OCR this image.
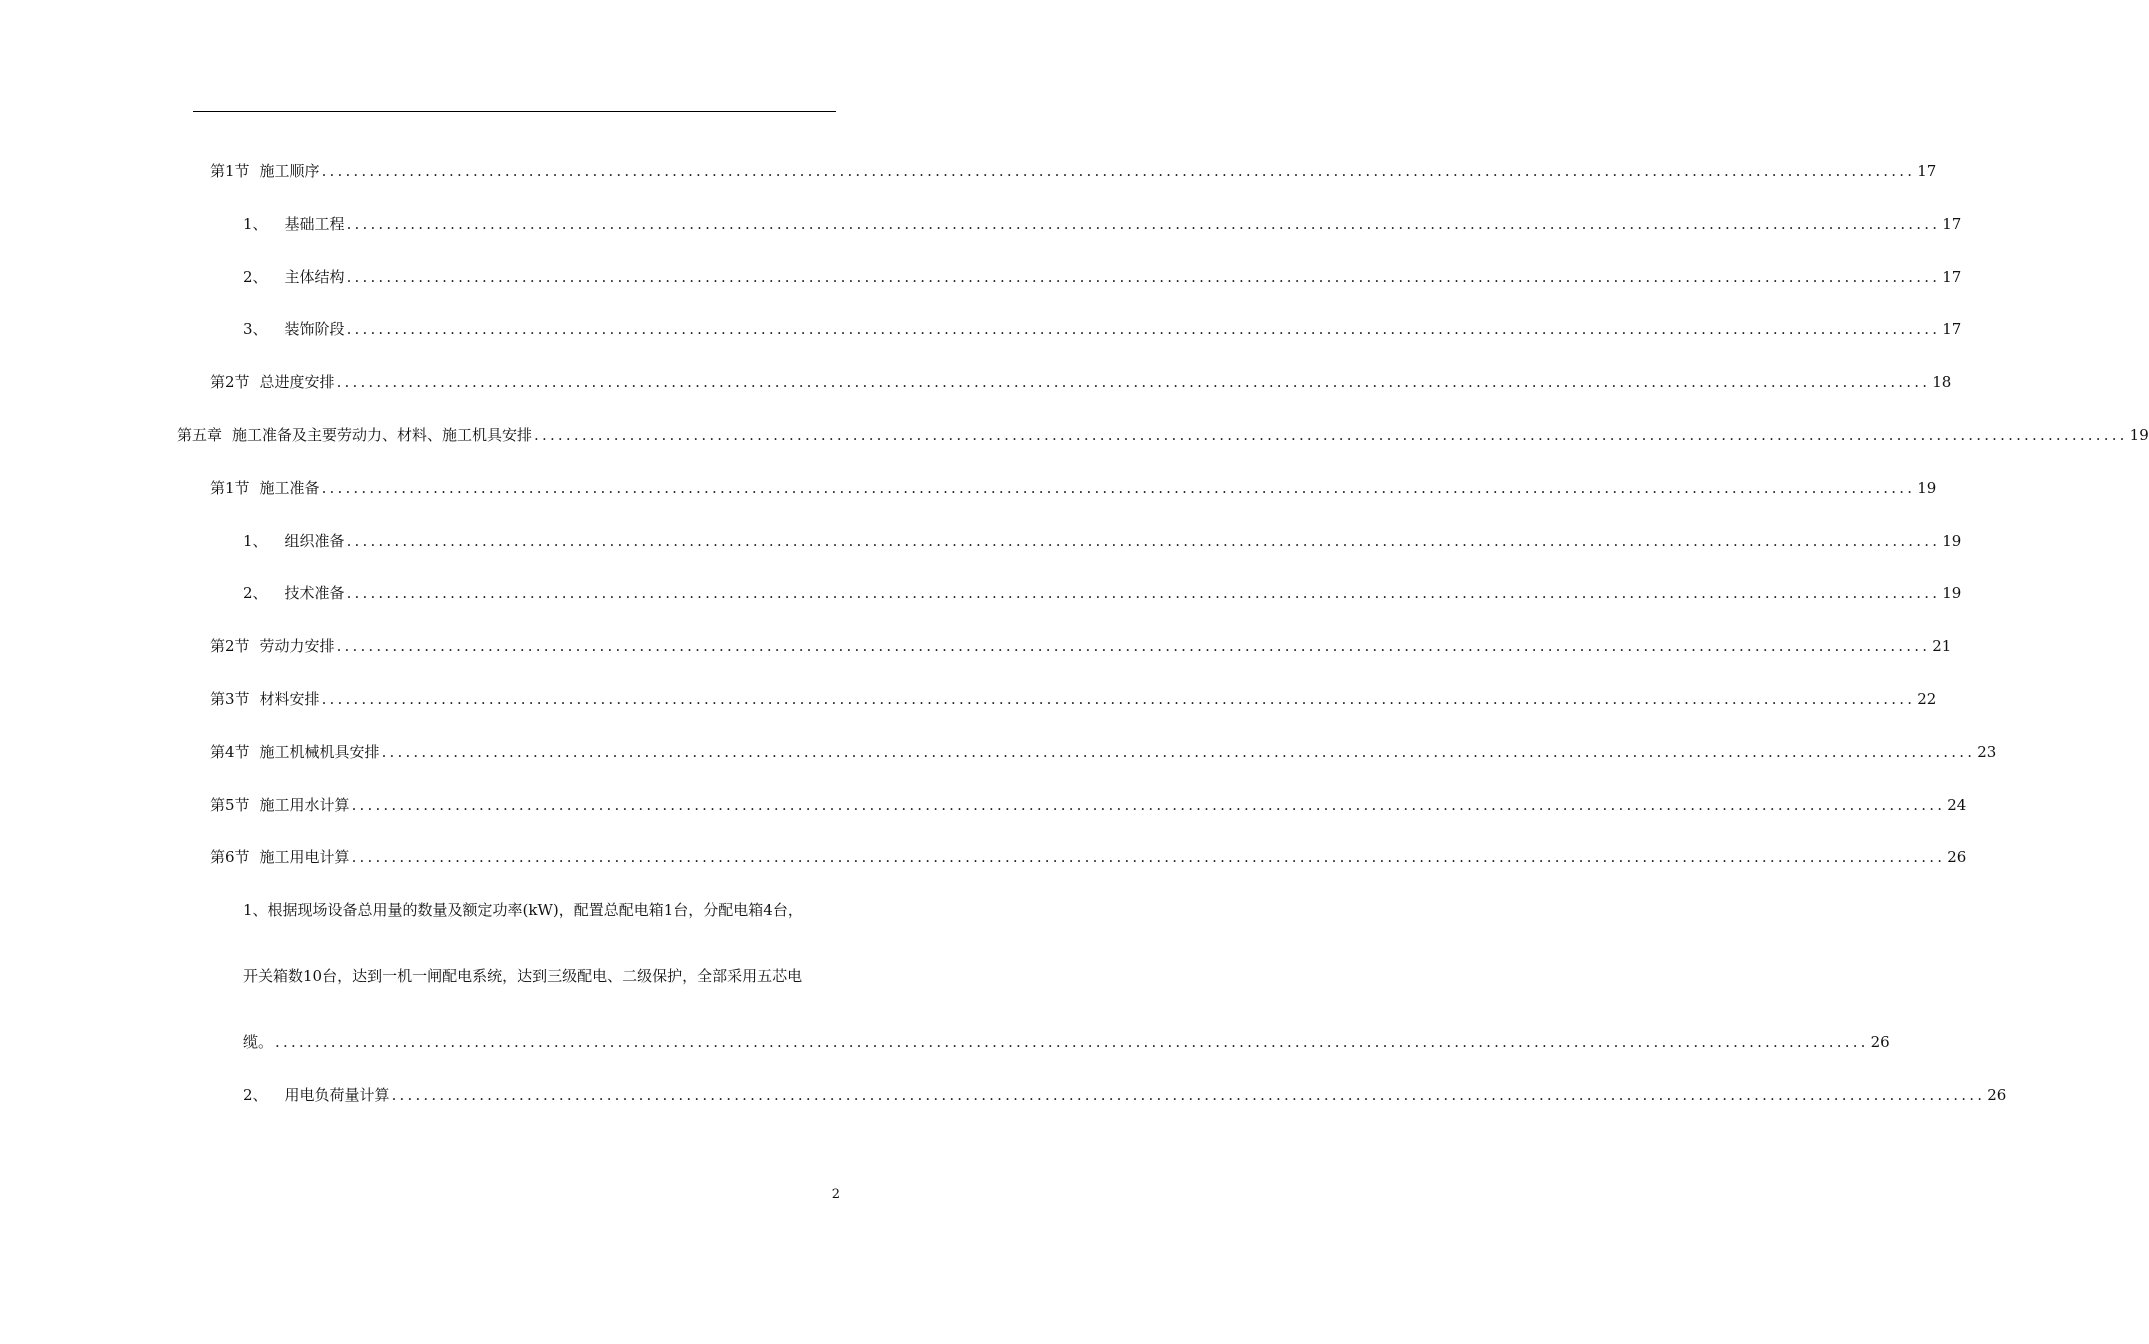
第1节 施工顺序 ........................................................................................................................................................................................................ 17
1、 基础工程 ........................................................................................................................................................................................................ 17
2、 主体结构 ........................................................................................................................................................................................................ 17
3、 装饰阶段 ........................................................................................................................................................................................................ 17
第2节 总进度安排 ........................................................................................................................................................................................................ 18
第五章 施工准备及主要劳动力、材料、施工机具安排 ........................................................................................................................................................................................................ 19
第1节 施工准备 ........................................................................................................................................................................................................ 19
1、 组织准备 ........................................................................................................................................................................................................ 19
2、 技术准备 ........................................................................................................................................................................................................ 19
第2节 劳动力安排 ........................................................................................................................................................................................................ 21
第3节 材料安排 ........................................................................................................................................................................................................ 22
第4节 施工机械机具安排 ........................................................................................................................................................................................................ 23
第5节 施工用水计算 ........................................................................................................................................................................................................ 24
第6节 施工用电计算 ........................................................................................................................................................................................................ 26
1、根据现场设备总用量的数量及额定功率(kW)，配置总配电箱1台，分配电箱4台，
开关箱数10台，达到一机一闸配电系统，达到三级配电、二级保护，全部采用五芯电
缆。 ........................................................................................................................................................................................................ 26
2、 用电负荷量计算 ........................................................................................................................................................................................................ 26
2
